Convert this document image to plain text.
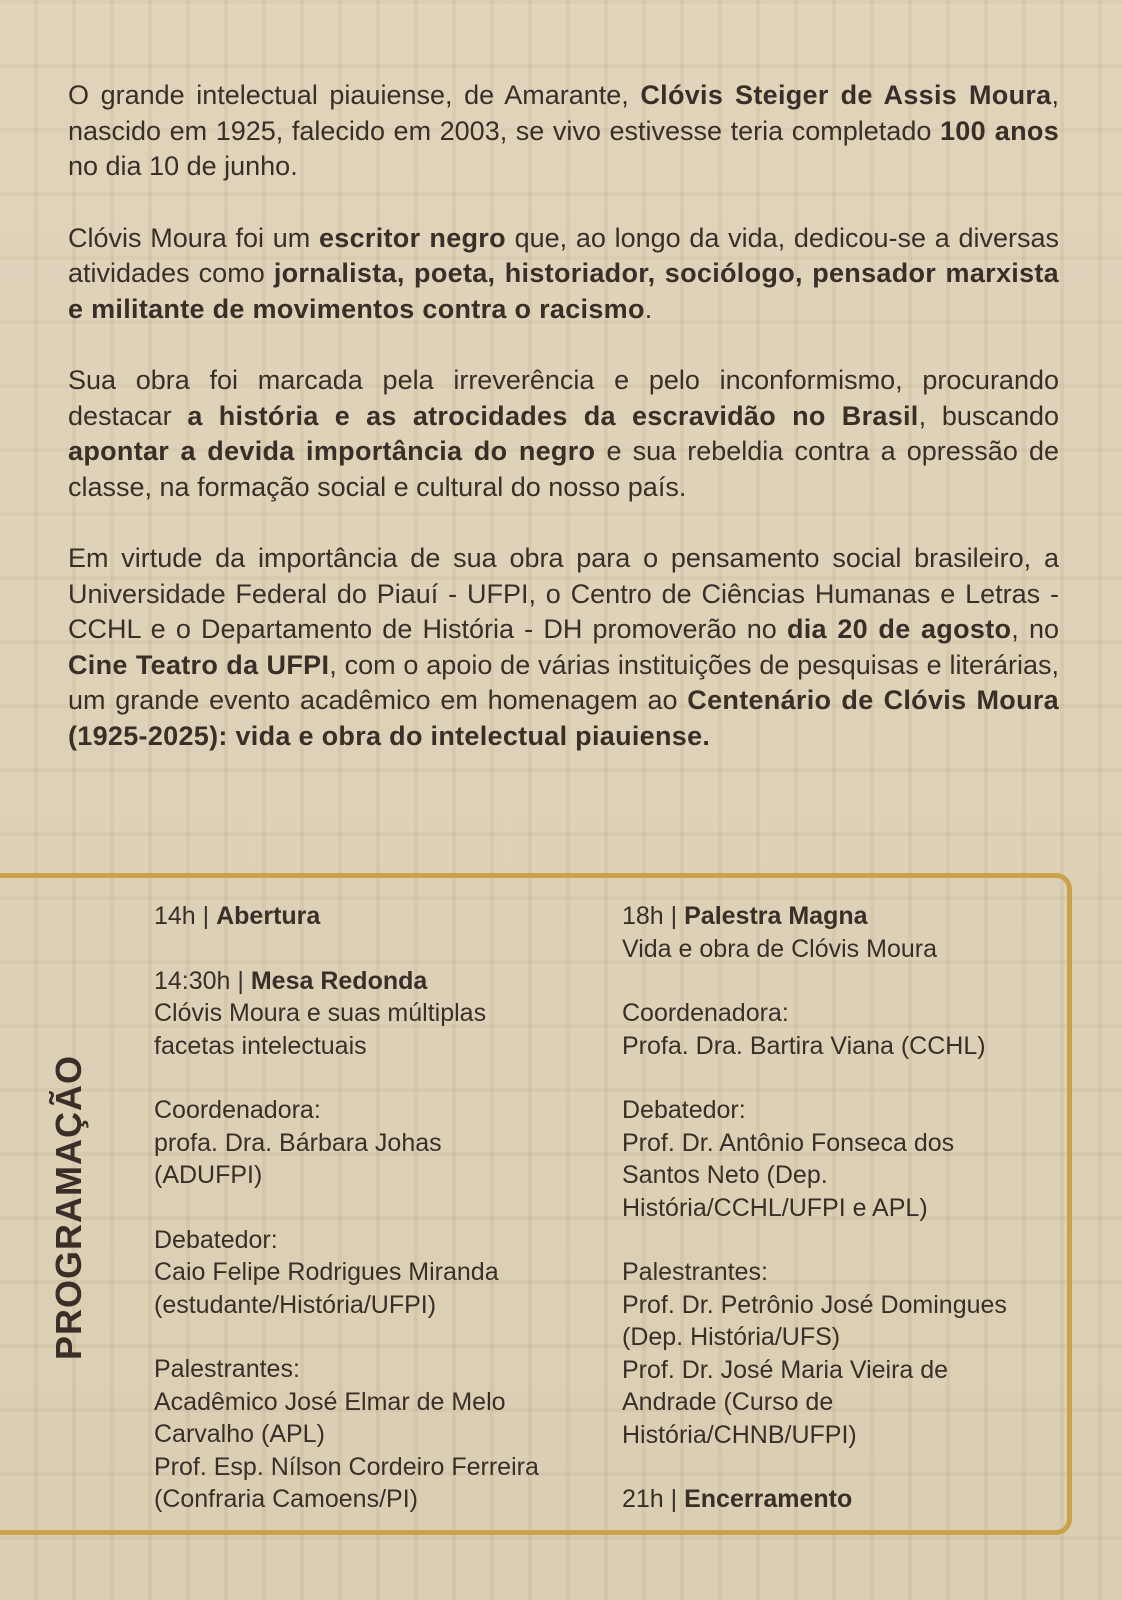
O grande intelectual piauiense, de Amarante, Clóvis Steiger de Assis Moura, nascido em 1925, falecido em 2003, se vivo estivesse teria completado 100 anos no dia 10 de junho.

Clóvis Moura foi um escritor negro que, ao longo da vida, dedicou-se a diversas atividades como jornalista, poeta, historiador, sociólogo, pensador marxista e militante de movimentos contra o racismo.

Sua obra foi marcada pela irreverência e pelo inconformismo, procurando destacar a história e as atrocidades da escravidão no Brasil, buscando apontar a devida importância do negro e sua rebeldia contra a opressão de classe, na formação social e cultural do nosso país.

Em virtude da importância de sua obra para o pensamento social brasileiro, a Universidade Federal do Piauí - UFPI, o Centro de Ciências Humanas e Letras - CCHL e o Departamento de História - DH promoverão no dia 20 de agosto, no Cine Teatro da UFPI, com o apoio de várias instituições de pesquisas e literárias, um grande evento acadêmico em homenagem ao Centenário de Clóvis Moura (1925-2025): vida e obra do intelectual piauiense.

PROGRAMAÇÃO
14h | Abertura
14:30h | Mesa Redonda
Clóvis Moura e suas múltiplas
facetas intelectuais
Coordenadora:
profa. Dra. Bárbara Johas
(ADUFPI)
Debatedor:
Caio Felipe Rodrigues Miranda
(estudante/História/UFPI)
Palestrantes:
Acadêmico José Elmar de Melo
Carvalho (APL)
Prof. Esp. Nílson Cordeiro Ferreira
(Confraria Camoens/PI)
18h | Palestra Magna
Vida e obra de Clóvis Moura
Coordenadora:
Profa. Dra. Bartira Viana (CCHL)
Debatedor:
Prof. Dr. Antônio Fonseca dos
Santos Neto (Dep.
História/CCHL/UFPI e APL)
Palestrantes:
Prof. Dr. Petrônio José Domingues
(Dep. História/UFS)
Prof. Dr. José Maria Vieira de
Andrade (Curso de
História/CHNB/UFPI)
21h | Encerramento
